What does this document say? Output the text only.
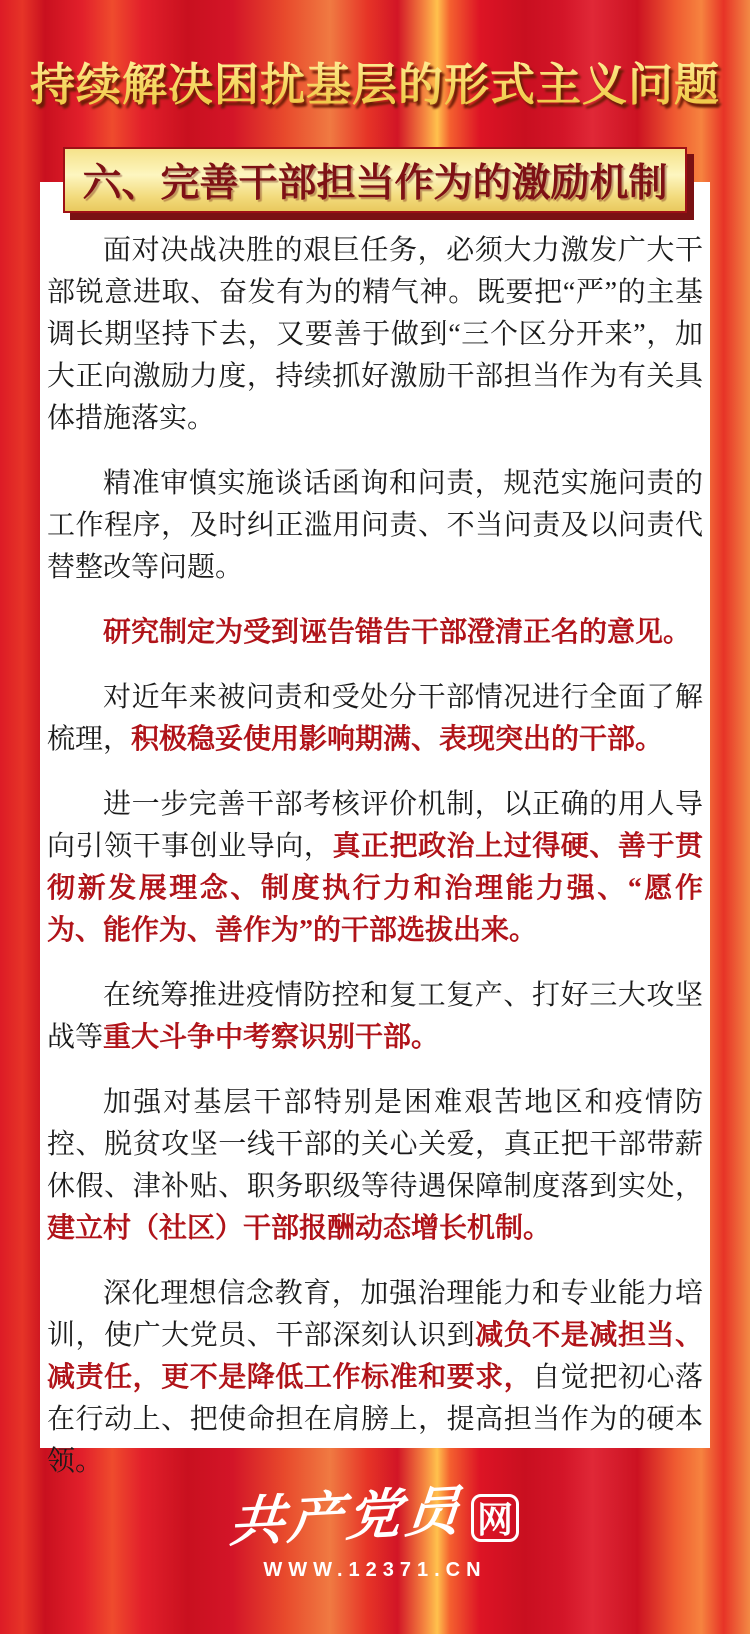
持续解决困扰基层的形式主义问题
六、完善干部担当作为的激励机制

面对决战决胜的艰巨任务，必须大力激发广大干部锐意进取、奋发有为的精气神。既要把“严”的主基调长期坚持下去，又要善于做到“三个区分开来”，加大正向激励力度，持续抓好激励干部担当作为有关具体措施落实。

精准审慎实施谈话函询和问责，规范实施问责的工作程序，及时纠正滥用问责、不当问责及以问责代替整改等问题。

研究制定为受到诬告错告干部澄清正名的意见。

对近年来被问责和受处分干部情况进行全面了解梳理，积极稳妥使用影响期满、表现突出的干部。

进一步完善干部考核评价机制，以正确的用人导向引领干事创业导向，真正把政治上过得硬、善于贯彻新发展理念、制度执行力和治理能力强、“愿作为、能作为、善作为”的干部选拔出来。

在统筹推进疫情防控和复工复产、打好三大攻坚战等重大斗争中考察识别干部。

加强对基层干部特别是困难艰苦地区和疫情防控、脱贫攻坚一线干部的关心关爱，真正把干部带薪休假、津补贴、职务职级等待遇保障制度落到实处，建立村（社区）干部报酬动态增长机制。

深化理想信念教育，加强治理能力和专业能力培训，使广大党员、干部深刻认识到减负不是减担当、减责任，更不是降低工作标准和要求，自觉把初心落在行动上、把使命担在肩膀上，提高担当作为的硬本领。

共产党员 网
WWW.12371.CN
